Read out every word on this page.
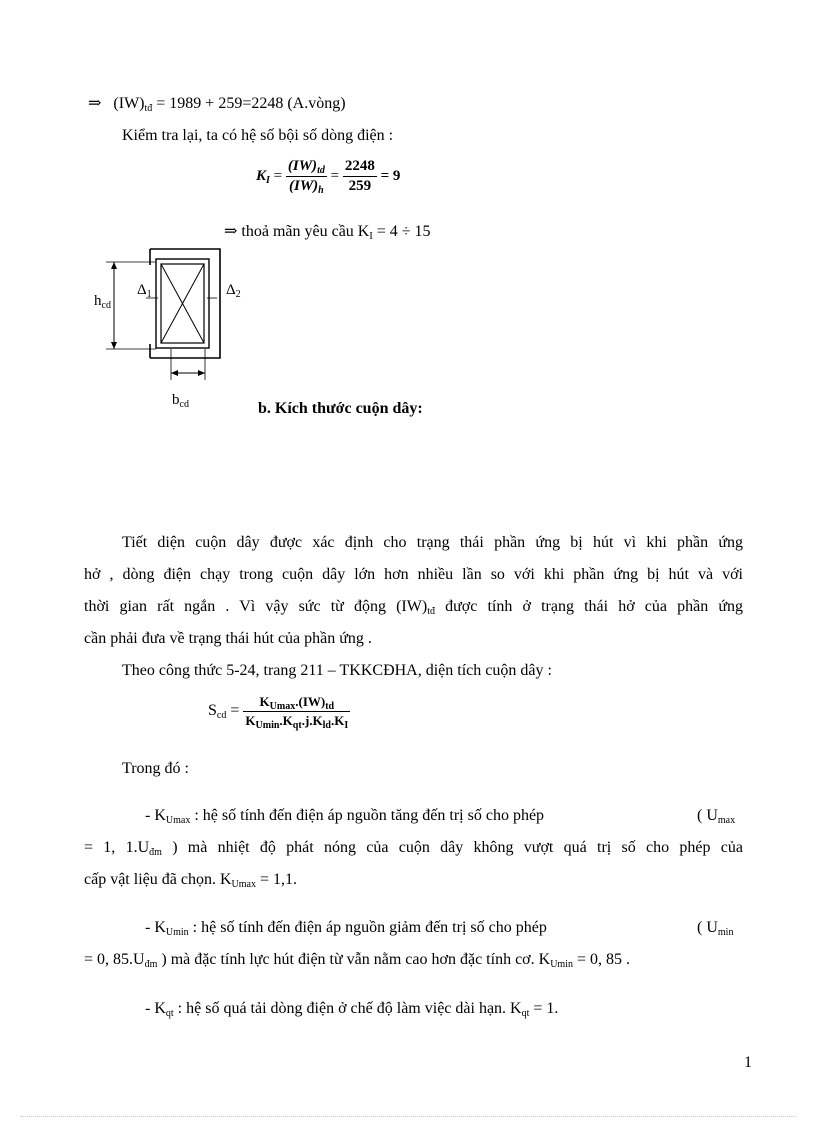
⇒ $(IW)_{tđ} = 1989 + 259=2248$ (A.vòng)
Kiểm tra lại, ta có hệ số bội số dòng điện :
$K_I = \frac{(IW)_{td}}{(IW)_h} = \frac{2248}{259} = 9$
⇒ thoả mãn yêu cầu $K_I = 4 \div 15$
$h_{cd}$
$\Delta_1$	$\Delta_2$
$b_{cd}$	b. Kích thước cuộn dây:
Tiết diện cuộn dây được xác định cho trạng thái phần ứng bị hút vì khi phần ứng
hở , dòng điện chạy trong cuộn dây lớn hơn nhiều lần so với khi phần ứng bị hút và với
thời gian rất ngắn . Vì vậy sức từ động $(IW)_{tđ}$ được tính ở trạng thái hở của phần ứng
cần phải đưa về trạng thái hút của phần ứng .
Theo công thức 5-24, trang 211 – TKKCĐHA, diện tích cuộn dây :
$S_{cd} = \frac{K_{Umax}.(IW)_{td}}{K_{Umin}.K_{qt}.j.K_{ld}.K_I}$
Trong đó :
- $K_{Umax}$ : hệ số tính đến điện áp nguồn tăng đến trị số cho phép	( $U_{max}$
= 1, $1.U_{đm}$ ) mà nhiệt độ phát nóng của cuộn dây không vượt quá trị số cho phép của
cấp vật liệu đã chọn. $K_{Umax} = 1,1$.
- $K_{Umin}$ : hệ số tính đến điện áp nguồn giảm đến trị số cho phép	( $U_{min}$
= 0, $85.U_{đm}$ ) mà đặc tính lực hút điện từ vẫn nằm cao hơn đặc tính cơ. $K_{Umin} = 0$, 85 .
- $K_{qt}$ : hệ số quá tải dòng điện ở chế độ làm việc dài hạn. $K_{qt} = 1$.
1
